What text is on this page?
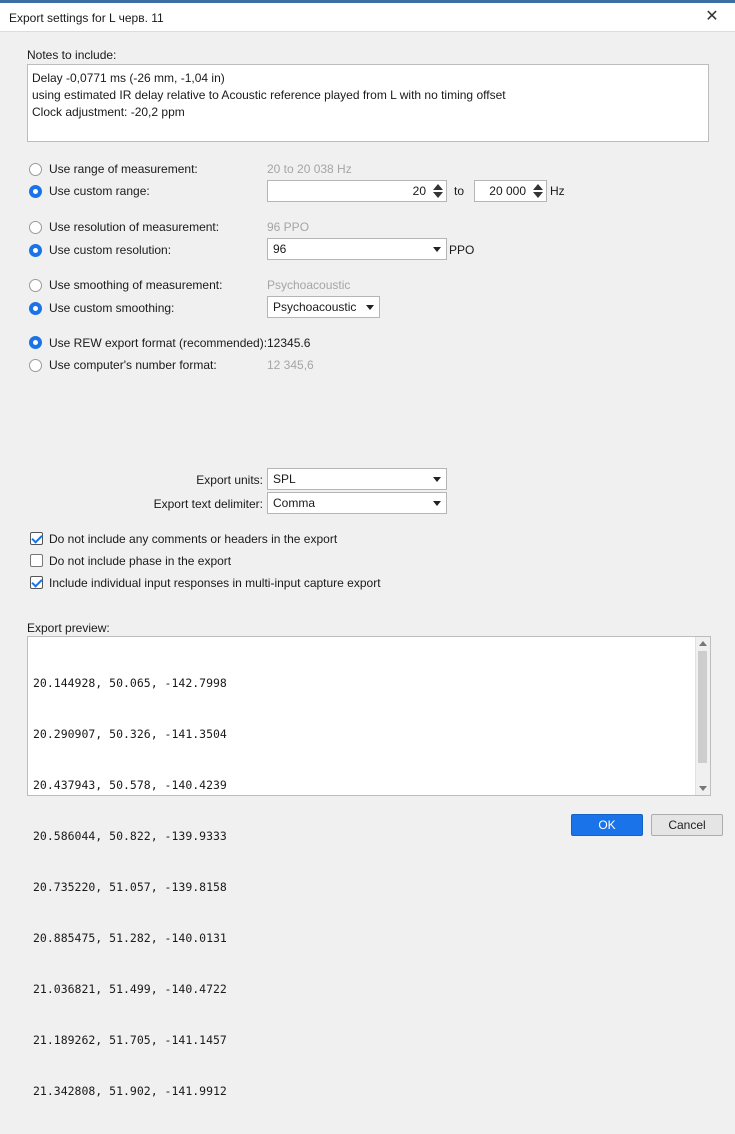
Export settings for L черв. 11	✕
Notes to include:
Delay -0,0771 ms (-26 mm, -1,04 in)
using estimated IR delay relative to Acoustic reference played from L with no timing offset
Clock adjustment: -20,2 ppm
Use range of measurement:	20 to 20 038 Hz
Use custom range:	20 to 20 000 Hz
Use resolution of measurement:	96 PPO
Use custom resolution:	96	PPO
Use smoothing of measurement:	Psychoacoustic
Use custom smoothing:	Psychoacoustic
Use REW export format (recommended): 12345.6
Use computer's number format:	12 345,6
Export units: SPL
Export text delimiter: Comma
Do not include any comments or headers in the export
Do not include phase in the export
Include individual input responses in multi-input capture export
Export preview:

20.144928, 50.065, -142.7998

20.290907, 50.326, -141.3504

20.437943, 50.578, -140.4239

20.586044, 50.822, -139.9333

20.735220, 51.057, -139.8158

20.885475, 51.282, -140.0131

21.036821, 51.499, -140.4722

21.189262, 51.705, -141.1457

21.342808, 51.902, -141.9912

OK	Cancel
